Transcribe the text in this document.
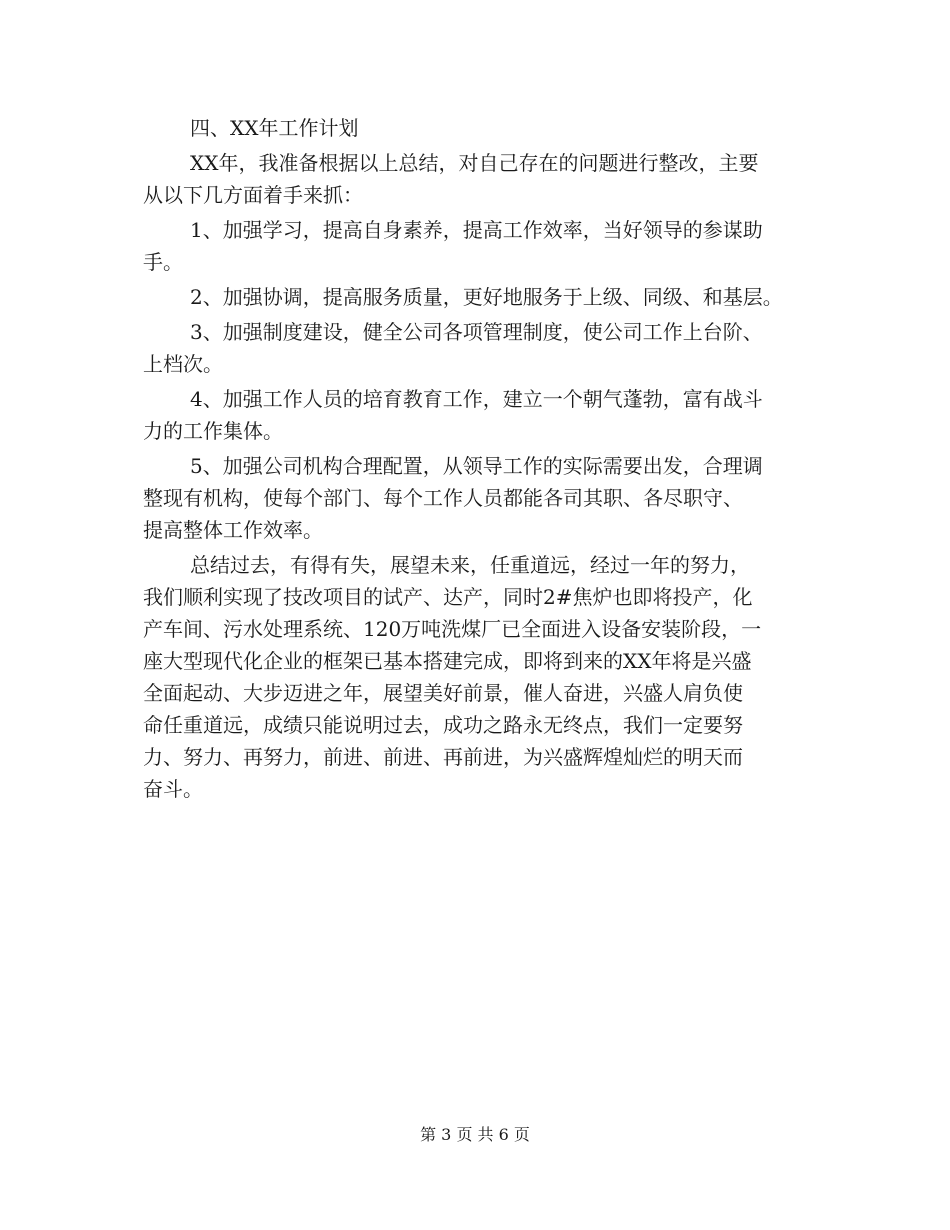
四、XX年工作计划

XX年，我准备根据以上总结，对自己存在的问题进行整改，主要

从以下几方面着手来抓：

1、加强学习，提高自身素养，提高工作效率，当好领导的参谋助

手。

2、加强协调，提高服务质量，更好地服务于上级、同级、和基层。

3、加强制度建设，健全公司各项管理制度，使公司工作上台阶、

上档次。

4、加强工作人员的培育教育工作，建立一个朝气蓬勃，富有战斗

力的工作集体。

5、加强公司机构合理配置，从领导工作的实际需要出发，合理调

整现有机构，使每个部门、每个工作人员都能各司其职、各尽职守、

提高整体工作效率。

总结过去，有得有失，展望未来，任重道远，经过一年的努力，

我们顺利实现了技改项目的试产、达产，同时2#焦炉也即将投产，化

产车间、污水处理系统、120万吨洗煤厂已全面进入设备安装阶段，一

座大型现代化企业的框架已基本搭建完成，即将到来的XX年将是兴盛

全面起动、大步迈进之年，展望美好前景，催人奋进，兴盛人肩负使

命任重道远，成绩只能说明过去，成功之路永无终点，我们一定要努

力、努力、再努力，前进、前进、再前进，为兴盛辉煌灿烂的明天而

奋斗。

第 3 页 共 6 页
